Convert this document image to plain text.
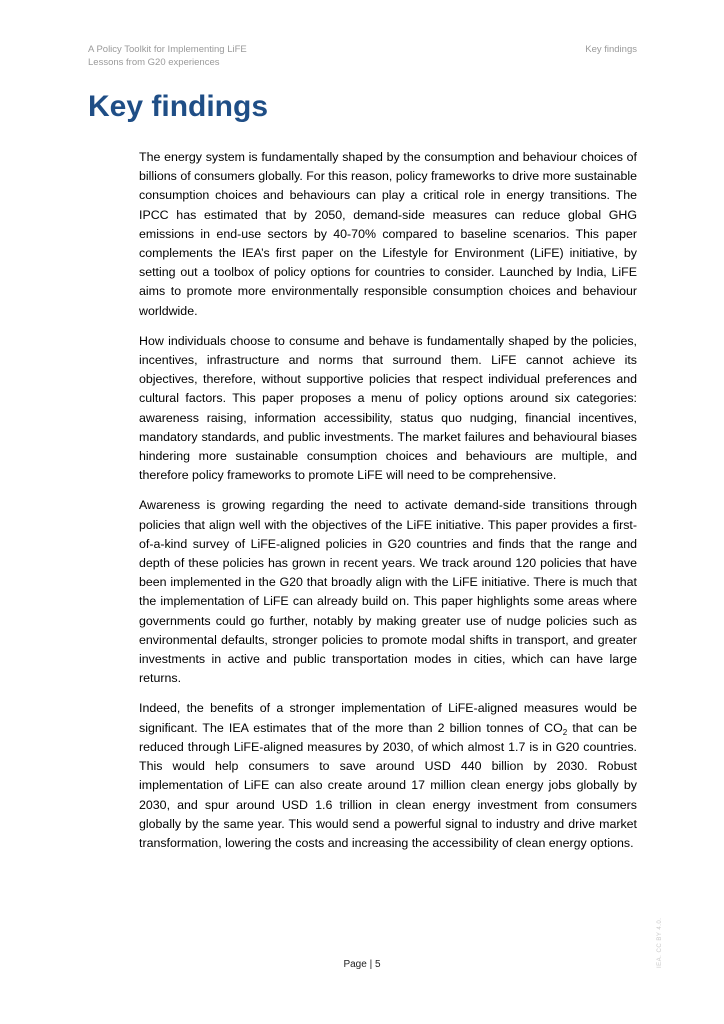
A Policy Toolkit for Implementing LiFE
Lessons from G20 experiences
Key findings
Key findings

The energy system is fundamentally shaped by the consumption and behaviour choices of billions of consumers globally. For this reason, policy frameworks to drive more sustainable consumption choices and behaviours can play a critical role in energy transitions. The IPCC has estimated that by 2050, demand-side measures can reduce global GHG emissions in end-use sectors by 40-70% compared to baseline scenarios. This paper complements the IEA’s first paper on the Lifestyle for Environment (LiFE) initiative, by setting out a toolbox of policy options for countries to consider. Launched by India, LiFE aims to promote more environmentally responsible consumption choices and behaviour worldwide.

How individuals choose to consume and behave is fundamentally shaped by the policies, incentives, infrastructure and norms that surround them. LiFE cannot achieve its objectives, therefore, without supportive policies that respect individual preferences and cultural factors. This paper proposes a menu of policy options around six categories: awareness raising, information accessibility, status quo nudging, financial incentives, mandatory standards, and public investments. The market failures and behavioural biases hindering more sustainable consumption choices and behaviours are multiple, and therefore policy frameworks to promote LiFE will need to be comprehensive.

Awareness is growing regarding the need to activate demand-side transitions through policies that align well with the objectives of the LiFE initiative. This paper provides a first-of-a-kind survey of LiFE-aligned policies in G20 countries and finds that the range and depth of these policies has grown in recent years. We track around 120 policies that have been implemented in the G20 that broadly align with the LiFE initiative. There is much that the implementation of LiFE can already build on. This paper highlights some areas where governments could go further, notably by making greater use of nudge policies such as environmental defaults, stronger policies to promote modal shifts in transport, and greater investments in active and public transportation modes in cities, which can have large returns.

Indeed, the benefits of a stronger implementation of LiFE-aligned measures would be significant. The IEA estimates that of the more than 2 billion tonnes of $CO_2$ that can be reduced through LiFE-aligned measures by 2030, of which almost 1.7 is in G20 countries. This would help consumers to save around USD 440 billion by 2030. Robust implementation of LiFE can also create around 17 million clean energy jobs globally by 2030, and spur around USD 1.6 trillion in clean energy investment from consumers globally by the same year. This would send a powerful signal to industry and drive market transformation, lowering the costs and increasing the accessibility of clean energy options.

IEA. CC BY 4.0.
Page | 5
